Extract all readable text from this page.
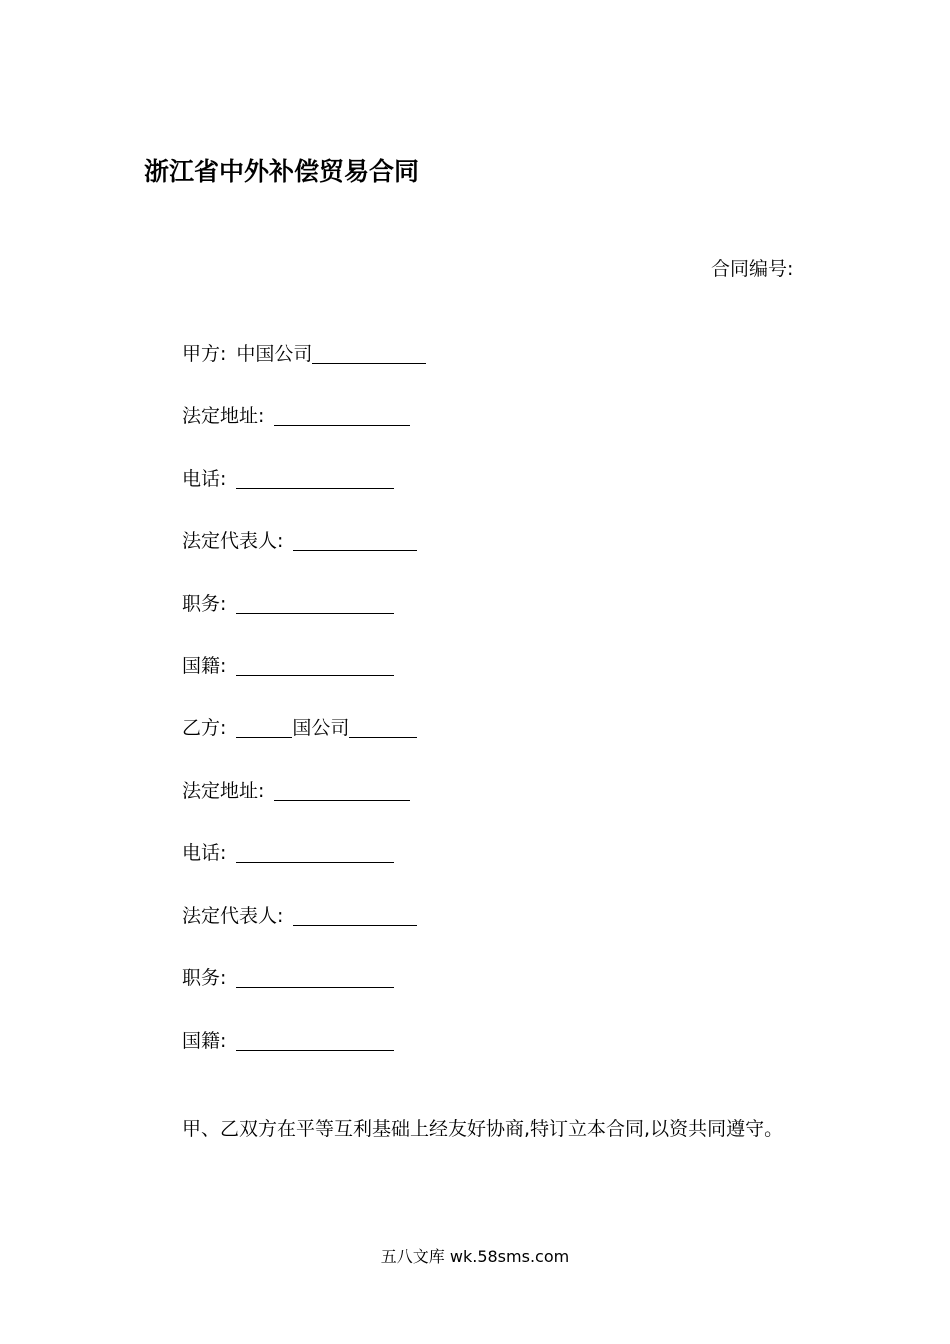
浙江省中外补偿贸易合同
合同编号:
甲方: 中国公司
法定地址:
电话:
法定代表人:
职务:
国籍:
乙方:	国公司
法定地址:
电话:
法定代表人:
职务:
国籍:
甲、乙双方在平等互利基础上经友好协商,特订立本合同,以资共同遵守。
五八文库 wk.58sms.com
